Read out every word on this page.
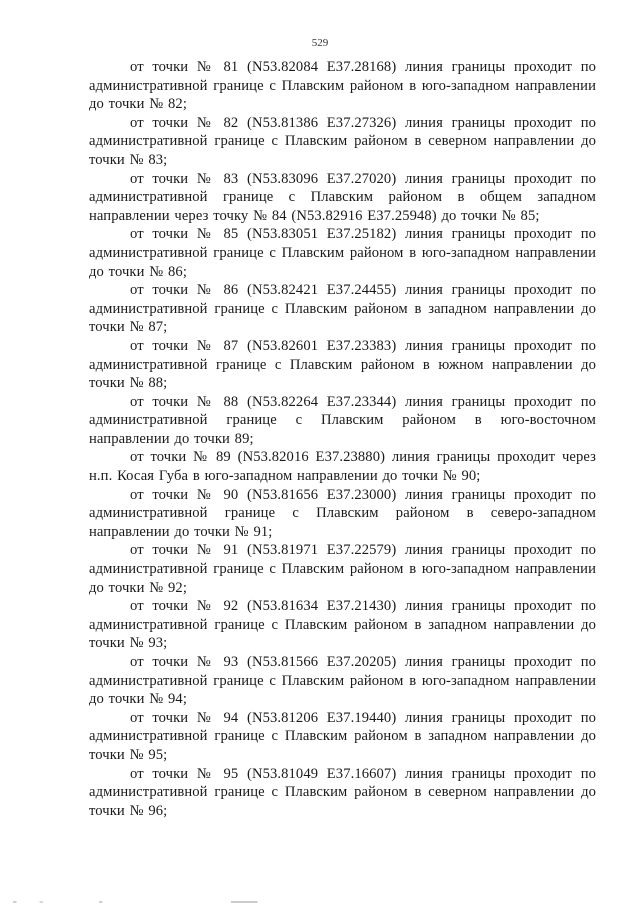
529

от точки № 81 (N53.82084 E37.28168) линия границы проходит по административной границе с Плавским районом в юго-западном направлении до точки № 82;

от точки № 82 (N53.81386 E37.27326) линия границы проходит по административной границе с Плавским районом в северном направлении до точки № 83;

от точки № 83 (N53.83096 E37.27020) линия границы проходит по административной границе с Плавским районом в общем западном направлении через точку № 84 (N53.82916 E37.25948) до точки № 85;

от точки № 85 (N53.83051 E37.25182) линия границы проходит по административной границе с Плавским районом в юго-западном направлении до точки № 86;

от точки № 86 (N53.82421 E37.24455) линия границы проходит по административной границе с Плавским районом в западном направлении до точки № 87;

от точки № 87 (N53.82601 E37.23383) линия границы проходит по административной границе с Плавским районом в южном направлении до точки № 88;

от точки № 88 (N53.82264 E37.23344) линия границы проходит по административной границе с Плавским районом в юго-восточном направлении до точки 89;

от точки № 89 (N53.82016 E37.23880) линия границы проходит через н.п. Косая Губа в юго-западном направлении до точки № 90;

от точки № 90 (N53.81656 E37.23000) линия границы проходит по административной границе с Плавским районом в северо-западном направлении до точки № 91;

от точки № 91 (N53.81971 E37.22579) линия границы проходит по административной границе с Плавским районом в юго-западном направлении до точки № 92;

от точки № 92 (N53.81634 E37.21430) линия границы проходит по административной границе с Плавским районом в западном направлении до точки № 93;

от точки № 93 (N53.81566 E37.20205) линия границы проходит по административной границе с Плавским районом в юго-западном направлении до точки № 94;

от точки № 94 (N53.81206 E37.19440) линия границы проходит по административной границе с Плавским районом в западном направлении до точки № 95;

от точки № 95 (N53.81049 E37.16607) линия границы проходит по административной границе с Плавским районом в северном направлении до точки № 96;
